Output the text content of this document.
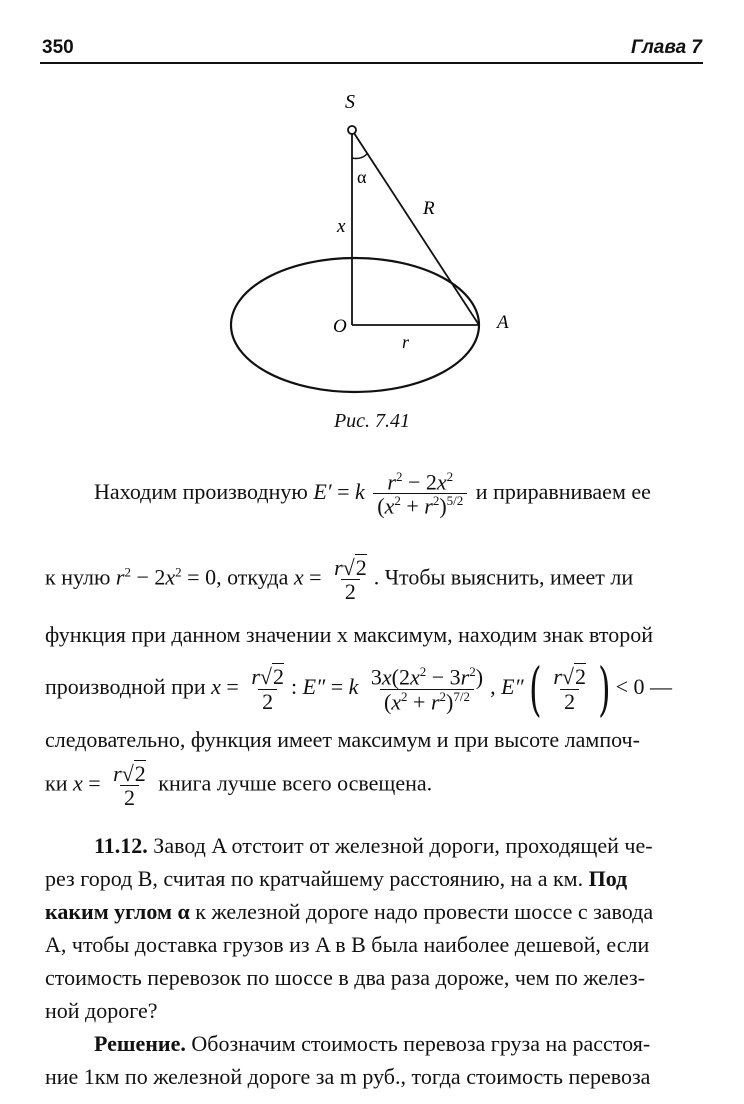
350	Глава 7
S
α
R
x
O	A
r
Рис. 7.41
Находим производную E′ = k $\frac{r^2 - 2x^2}{(x^2 + r^2)^{5/2}}$ и приравниваем ее
к нулю $r^2 - 2x^2 = 0$, откуда $x = \frac{r√2}{2}$ . Чтобы выяснить, имеет ли
функция при данном значении x максимум, находим знак второй
производной при $x = \frac{r√2}{2}$ : E″ = k $\frac{3x(2x^2 - 3r^2)}{(x^2 + r^2)^{7/2}}$ , $E''( \frac{r√2}{2}$ ) < 0 —
следовательно, функция имеет максимум и при высоте лампоч-
ки $x = \frac{r√2}{2}$ книга лучше всего освещена.
11.12. Завод A отстоит от железной дороги, проходящей че-
рез город B, считая по кратчайшему расстоянию, на a км. Под
каким углом α к железной дороге надо провести шоссе с завода
A, чтобы доставка грузов из A в B была наиболее дешевой, если
стоимость перевозок по шоссе в два раза дороже, чем по желез-
ной дороге?
Решение. Обозначим стоимость перевоза груза на расстоя-
ние 1км по железной дороге за m руб., тогда стоимость перевоза
